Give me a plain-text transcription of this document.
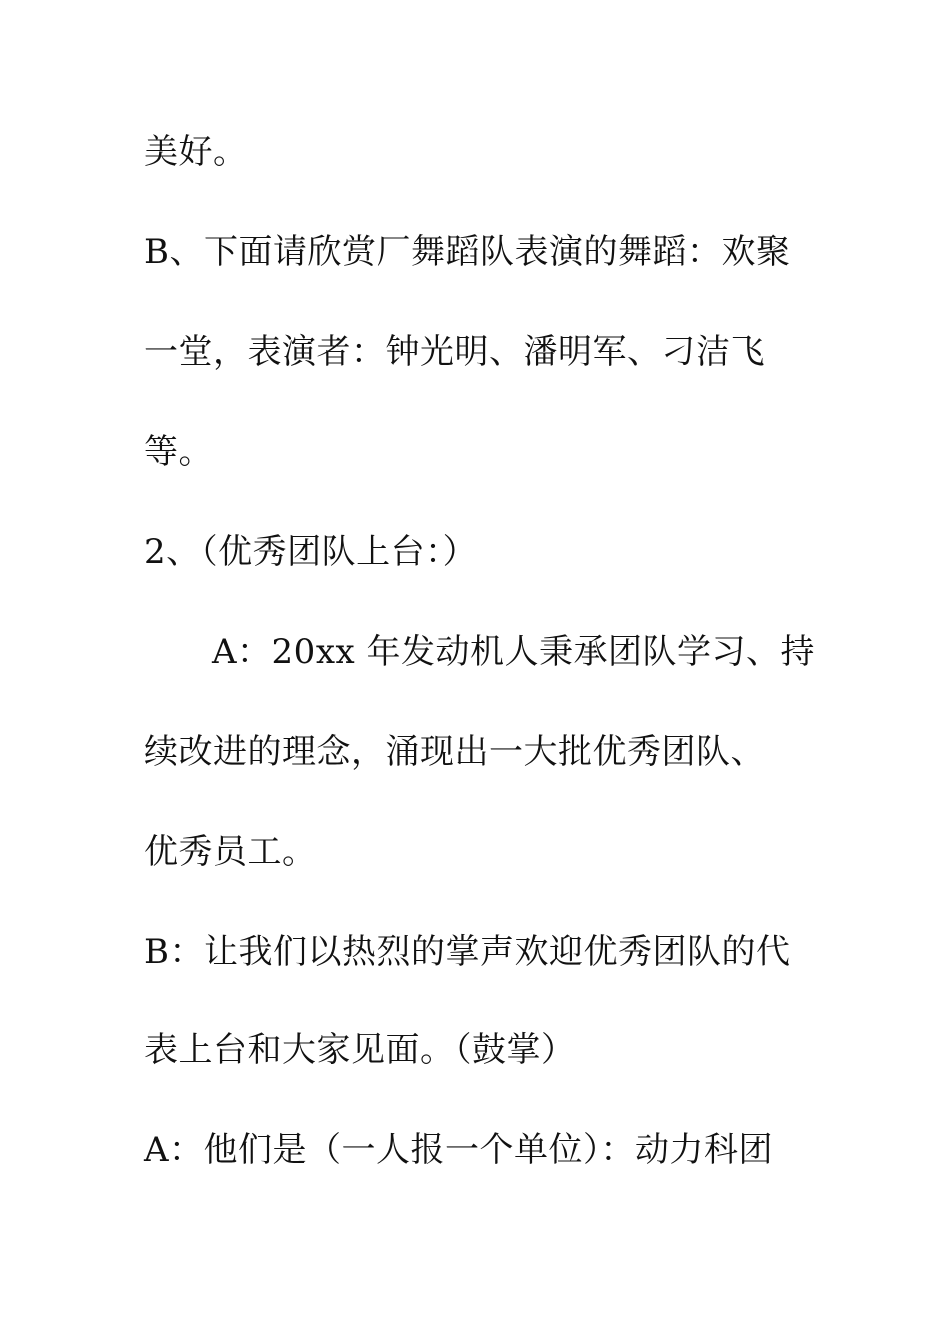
美好。
B、下面请欣赏厂舞蹈队表演的舞蹈：欢聚
一堂，表演者：钟光明、潘明军、刁洁飞
等。
2、（优秀团队上台：）
A：20xx 年发动机人秉承团队学习、持
续改进的理念，涌现出一大批优秀团队、
优秀员工。
B：让我们以热烈的掌声欢迎优秀团队的代
表上台和大家见面。（鼓掌）
A：他们是（一人报一个单位）：动力科团
